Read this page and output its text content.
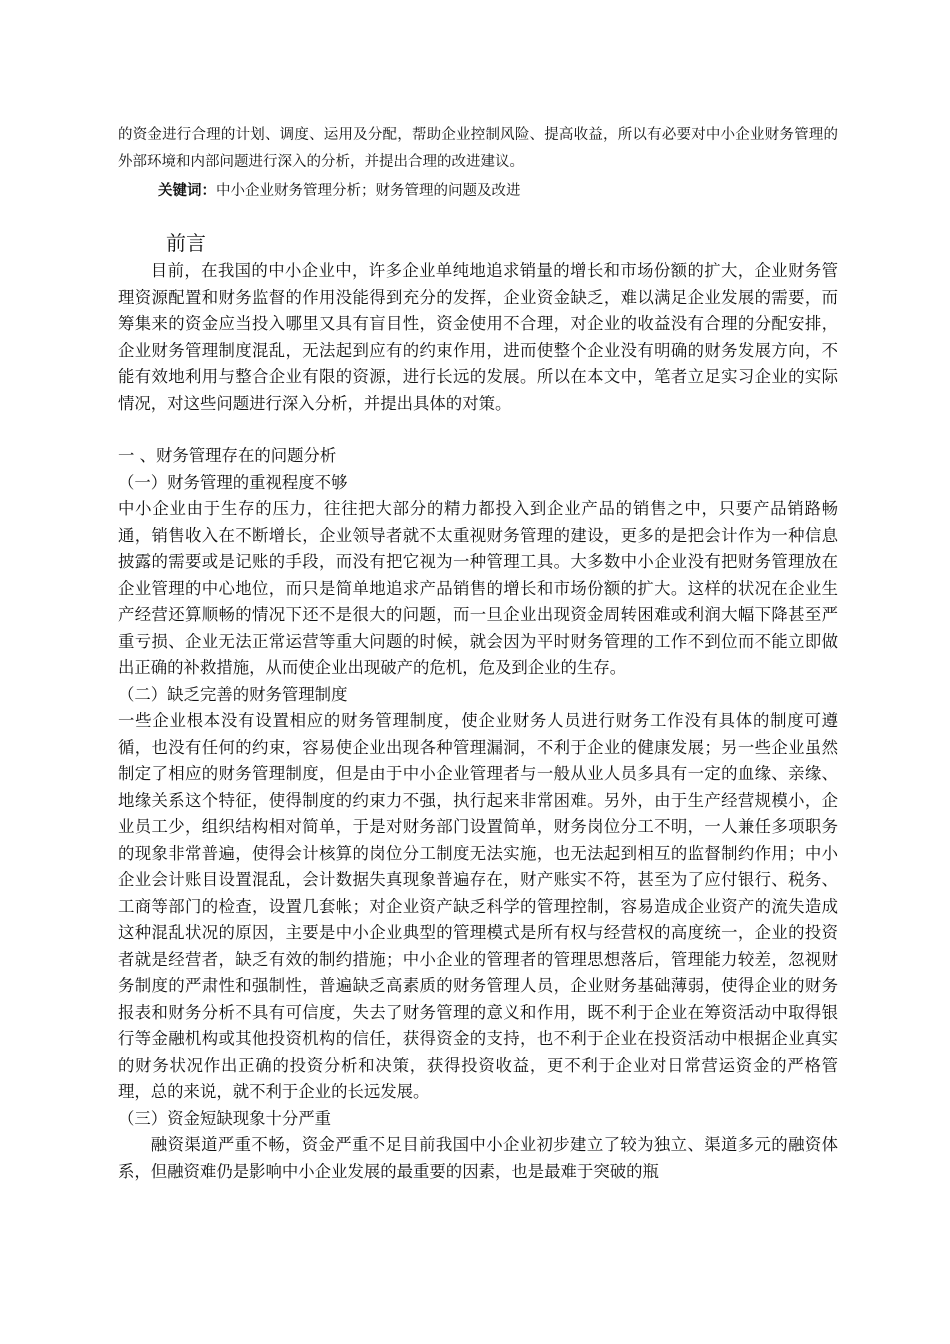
的资金进行合理的计划、调度、运用及分配，帮助企业控制风险、提高收益，所以有必要对中小企业财务管理的外部环境和内部问题进行深入的分析，并提出合理的改进建议。

关键词：中小企业财务管理分析；财务管理的问题及改进

前言

目前，在我国的中小企业中，许多企业单纯地追求销量的增长和市场份额的扩大，企业财务管理资源配置和财务监督的作用没能得到充分的发挥，企业资金缺乏，难以满足企业发展的需要，而筹集来的资金应当投入哪里又具有盲目性，资金使用不合理，对企业的收益没有合理的分配安排，企业财务管理制度混乱，无法起到应有的约束作用，进而使整个企业没有明确的财务发展方向，不能有效地利用与整合企业有限的资源，进行长远的发展。所以在本文中，笔者立足实习企业的实际情况，对这些问题进行深入分析，并提出具体的对策。

一 、财务管理存在的问题分析

（一）财务管理的重视程度不够

中小企业由于生存的压力，往往把大部分的精力都投入到企业产品的销售之中，只要产品销路畅通，销售收入在不断增长，企业领导者就不太重视财务管理的建设，更多的是把会计作为一种信息披露的需要或是记账的手段，而没有把它视为一种管理工具。大多数中小企业没有把财务管理放在企业管理的中心地位，而只是简单地追求产品销售的增长和市场份额的扩大。这样的状况在企业生产经营还算顺畅的情况下还不是很大的问题，而一旦企业出现资金周转困难或利润大幅下降甚至严重亏损、企业无法正常运营等重大问题的时候，就会因为平时财务管理的工作不到位而不能立即做出正确的补救措施，从而使企业出现破产的危机，危及到企业的生存。

（二）缺乏完善的财务管理制度

一些企业根本没有设置相应的财务管理制度，使企业财务人员进行财务工作没有具体的制度可遵循，也没有任何的约束，容易使企业出现各种管理漏洞，不利于企业的健康发展；另一些企业虽然制定了相应的财务管理制度，但是由于中小企业管理者与一般从业人员多具有一定的血缘、亲缘、地缘关系这个特征，使得制度的约束力不强，执行起来非常困难。另外，由于生产经营规模小，企业员工少，组织结构相对简单，于是对财务部门设置简单，财务岗位分工不明，一人兼任多项职务的现象非常普遍，使得会计核算的岗位分工制度无法实施，也无法起到相互的监督制约作用；中小企业会计账目设置混乱，会计数据失真现象普遍存在，财产账实不符，甚至为了应付银行、税务、工商等部门的检查，设置几套帐；对企业资产缺乏科学的管理控制，容易造成企业资产的流失造成这种混乱状况的原因，主要是中小企业典型的管理模式是所有权与经营权的高度统一，企业的投资者就是经营者，缺乏有效的制约措施；中小企业的管理者的管理思想落后，管理能力较差，忽视财务制度的严肃性和强制性，普遍缺乏高素质的财务管理人员，企业财务基础薄弱，使得企业的财务报表和财务分析不具有可信度，失去了财务管理的意义和作用，既不利于企业在筹资活动中取得银行等金融机构或其他投资机构的信任，获得资金的支持，也不利于企业在投资活动中根据企业真实的财务状况作出正确的投资分析和决策，获得投资收益，更不利于企业对日常营运资金的严格管理，总的来说，就不利于企业的长远发展。

（三）资金短缺现象十分严重

融资渠道严重不畅，资金严重不足目前我国中小企业初步建立了较为独立、渠道多元的融资体系，但融资难仍是影响中小企业发展的最重要的因素，也是最难于突破的瓶
